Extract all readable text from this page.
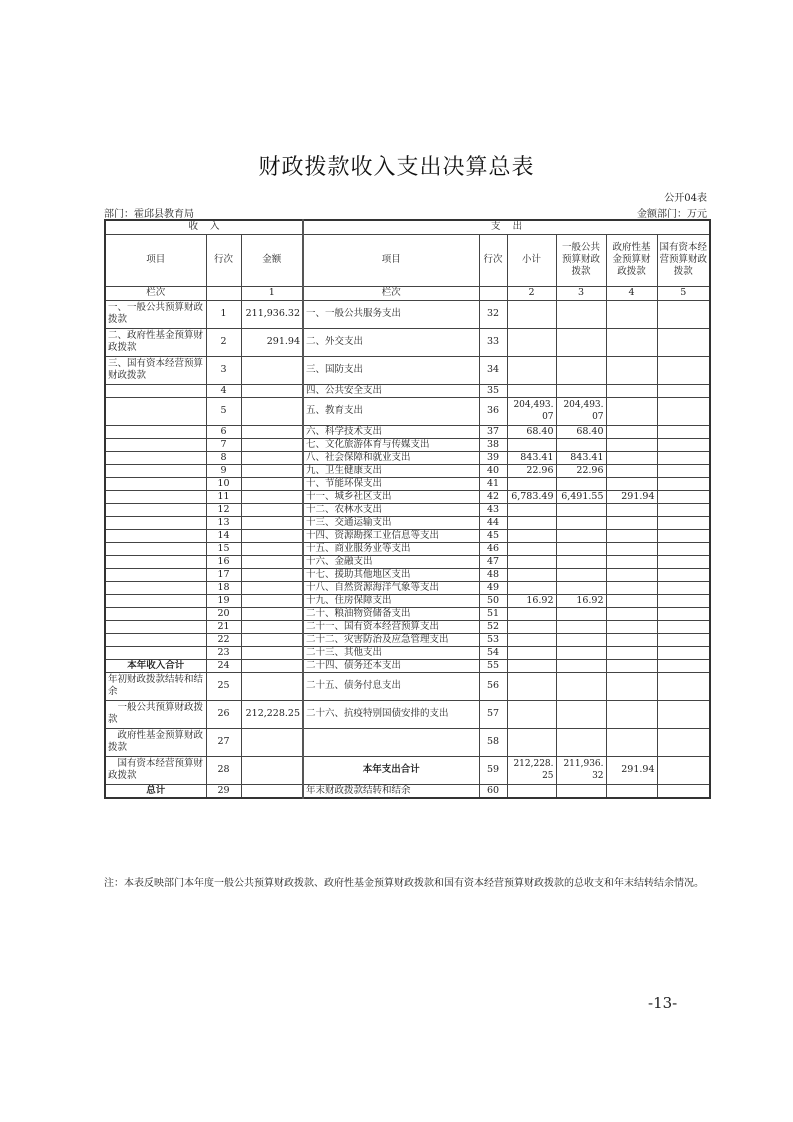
财政拨款收入支出决算总表
公开04表
部门：霍邱县教育局	金额部门：万元
收    入			支    出					
项目	行次	金额	项目	行次	小计	一般公共预算财政拨款	政府性基金预算财政拨款	国有资本经营预算财政拨款
栏次		1	栏次		2	3	4	5
一、一般公共预算财政拨款	1	211,936.32	一、一般公共服务支出	32				
二、政府性基金预算财政拨款	2	291.94	二、外交支出	33				
三、国有资本经营预算财政拨款	3		三、国防支出	34				
	4		四、公共安全支出	35				
	5		五、教育支出	36	204,493.07	204,493.07		
	6		六、科学技术支出	37	68.40	68.40		
	7		七、文化旅游体育与传媒支出	38				
	8		八、社会保障和就业支出	39	843.41	843.41		
	9		九、卫生健康支出	40	22.96	22.96		
	10		十、节能环保支出	41				
	11		十一、城乡社区支出	42	6,783.49	6,491.55	291.94	
	12		十二、农林水支出	43				
	13		十三、交通运输支出	44				
	14		十四、资源勘探工业信息等支出	45				
	15		十五、商业服务业等支出	46				
	16		十六、金融支出	47				
	17		十七、援助其他地区支出	48				
	18		十八、自然资源海洋气象等支出	49				
	19		十九、住房保障支出	50	16.92	16.92		
	20		二十、粮油物资储备支出	51				
	21		二十一、国有资本经营预算支出	52				
	22		二十二、灾害防治及应急管理支出	53				
	23		二十三、其他支出	54				
本年收入合计	24		二十四、债务还本支出	55				
年初财政拨款结转和结余	25		二十五、债务付息支出	56				
一般公共预算财政拨款	26	212,228.25	二十六、抗疫特别国债安排的支出	57				
政府性基金预算财政拨款	27			58				
国有资本经营预算财政拨款	28		本年支出合计	59	212,228.25	211,936.32	291.94	
总计	29		年末财政拨款结转和结余	60				
注：本表反映部门本年度一般公共预算财政拨款、政府性基金预算财政拨款和国有资本经营预算财政拨款的总收支和年末结转结余情况。
-13-
